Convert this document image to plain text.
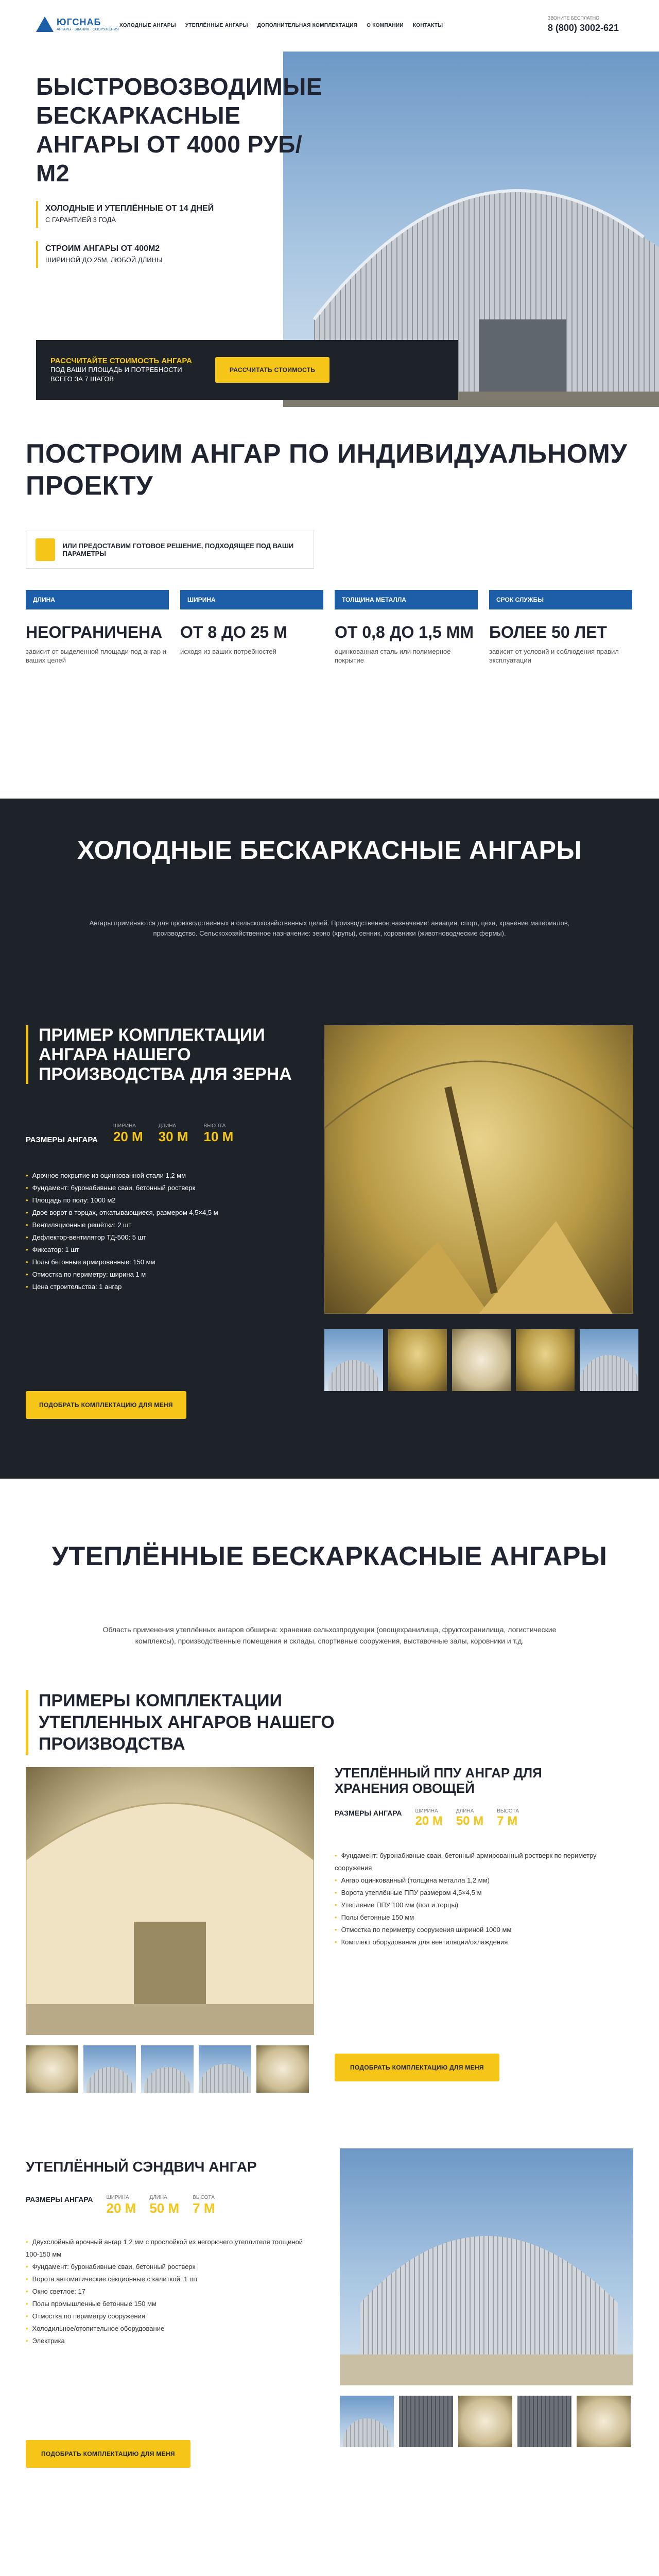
ЮГСНАБ
АНГАРЫ · ЗДАНИЯ · СООРУЖЕНИЯ
ХОЛОДНЫЕ АНГАРЫ УТЕПЛЁННЫЕ АНГАРЫ ДОПОЛНИТЕЛЬНАЯ КОМПЛЕКТАЦИЯ О КОМПАНИИ КОНТАКТЫ
ЗВОНИТЕ БЕСПЛАТНО
8 (800) 3002-621
БЫСТРОВОЗВОДИМЫЕ БЕСКАРКАСНЫЕ АНГАРЫ ОТ 4000 РУБ/М2
ХОЛОДНЫЕ И УТЕПЛЁННЫЕ ОТ 14 ДНЕЙ
С ГАРАНТИЕЙ 3 ГОДА
СТРОИМ АНГАРЫ ОТ 400М2
ШИРИНОЙ ДО 25М, ЛЮБОЙ ДЛИНЫ
РАССЧИТАЙТЕ СТОИМОСТЬ АНГАРА
ПОД ВАШИ ПЛОЩАДЬ И ПОТРЕБНОСТИ ВСЕГО ЗА 7 ШАГОВ
РАССЧИТАТЬ СТОИМОСТЬ
ПОСТРОИМ АНГАР ПО ИНДИВИДУАЛЬНОМУ ПРОЕКТУ
ИЛИ ПРЕДОСТАВИМ ГОТОВОЕ РЕШЕНИЕ, ПОДХОДЯЩЕЕ ПОД ВАШИ ПАРАМЕТРЫ
ДЛИНА
НЕОГРАНИЧЕНА
зависит от выделенной площади под ангар и ваших целей
ШИРИНА
ОТ 8 ДО 25 М
исходя из ваших потребностей
ТОЛЩИНА МЕТАЛЛА
ОТ 0,8 ДО 1,5 ММ
оцинкованная сталь или полимерное покрытие
СРОК СЛУЖБЫ
БОЛЕЕ 50 ЛЕТ
зависит от условий и соблюдения правил эксплуатации
ХОЛОДНЫЕ БЕСКАРКАСНЫЕ АНГАРЫ

Ангары применяются для производственных и сельскохозяйственных целей. Производственное назначение: авиация, спорт, цеха, хранение материалов, производство. Сельскохозяйственное назначение: зерно (хрупы), сенник, коровники (животноводческие фермы).

ПРИМЕР КОМПЛЕКТАЦИИ АНГАРА НАШЕГО ПРОИЗВОДСТВА ДЛЯ ЗЕРНА
РАЗМЕРЫ АНГАРА
ШИРИНА
20 М
ДЛИНА
30 М
ВЫСОТА
10 М
• Арочное покрытие из оцинкованной стали 1,2 мм
• Фундамент: буронабивные сваи, бетонный ростверк
• Площадь по полу: 1000 м2
• Двое ворот в торцах, откатывающиеся, размером 4,5×4,5 м
• Вентиляционные решётки: 2 шт
• Дефлектор-вентилятор ТД-500: 5 шт
• Фиксатор: 1 шт
• Полы бетонные армированные: 150 мм
• Отмостка по периметру: ширина 1 м
• Цена строительства: 1 ангар
ПОДОБРАТЬ КОМПЛЕКТАЦИЮ ДЛЯ МЕНЯ
УТЕПЛЁННЫЕ БЕСКАРКАСНЫЕ АНГАРЫ

Область применения утеплённых ангаров обширна: хранение сельхозпродукции (овощехранилища, фруктохранилища, логистические комплексы), производственные помещения и склады, спортивные сооружения, выставочные залы, коровники и т.д.

ПРИМЕРЫ КОМПЛЕКТАЦИИ УТЕПЛЕННЫХ АНГАРОВ НАШЕГО ПРОИЗВОДСТВА
УТЕПЛЁННЫЙ ППУ АНГАР ДЛЯ ХРАНЕНИЯ ОВОЩЕЙ
РАЗМЕРЫ АНГАРА	ШИРИНА
20 М
ДЛИНА
50 М
ВЫСОТА
7 М
• Фундамент: буронабивные сваи, бетонный армированный ростверк по периметру сооружения
• Ангар оцинкованный (толщина металла 1,2 мм)
• Ворота утеплённые ППУ размером 4,5×4,5 м
• Утепление ППУ 100 мм (пол и торцы)
• Полы бетонные 150 мм
• Отмостка по периметру сооружения шириной 1000 мм
• Комплект оборудования для вентиляции/охлаждения
ПОДОБРАТЬ КОМПЛЕКТАЦИЮ ДЛЯ МЕНЯ
УТЕПЛЁННЫЙ СЭНДВИЧ АНГАР
РАЗМЕРЫ АНГАРА	ШИРИНА
20 М
ДЛИНА
50 М
ВЫСОТА
7 М
• Двухслойный арочный ангар 1,2 мм с прослойкой из негорючего утеплителя толщиной 100-150 мм
• Фундамент: буронабивные сваи, бетонный ростверк
• Ворота автоматические секционные с калиткой: 1 шт
• Окно светлое: 17
• Полы промышленные бетонные 150 мм
• Отмостка по периметру сооружения
• Холодильное/отопительное оборудование
• Электрика
ПОДОБРАТЬ КОМПЛЕКТАЦИЮ ДЛЯ МЕНЯ
